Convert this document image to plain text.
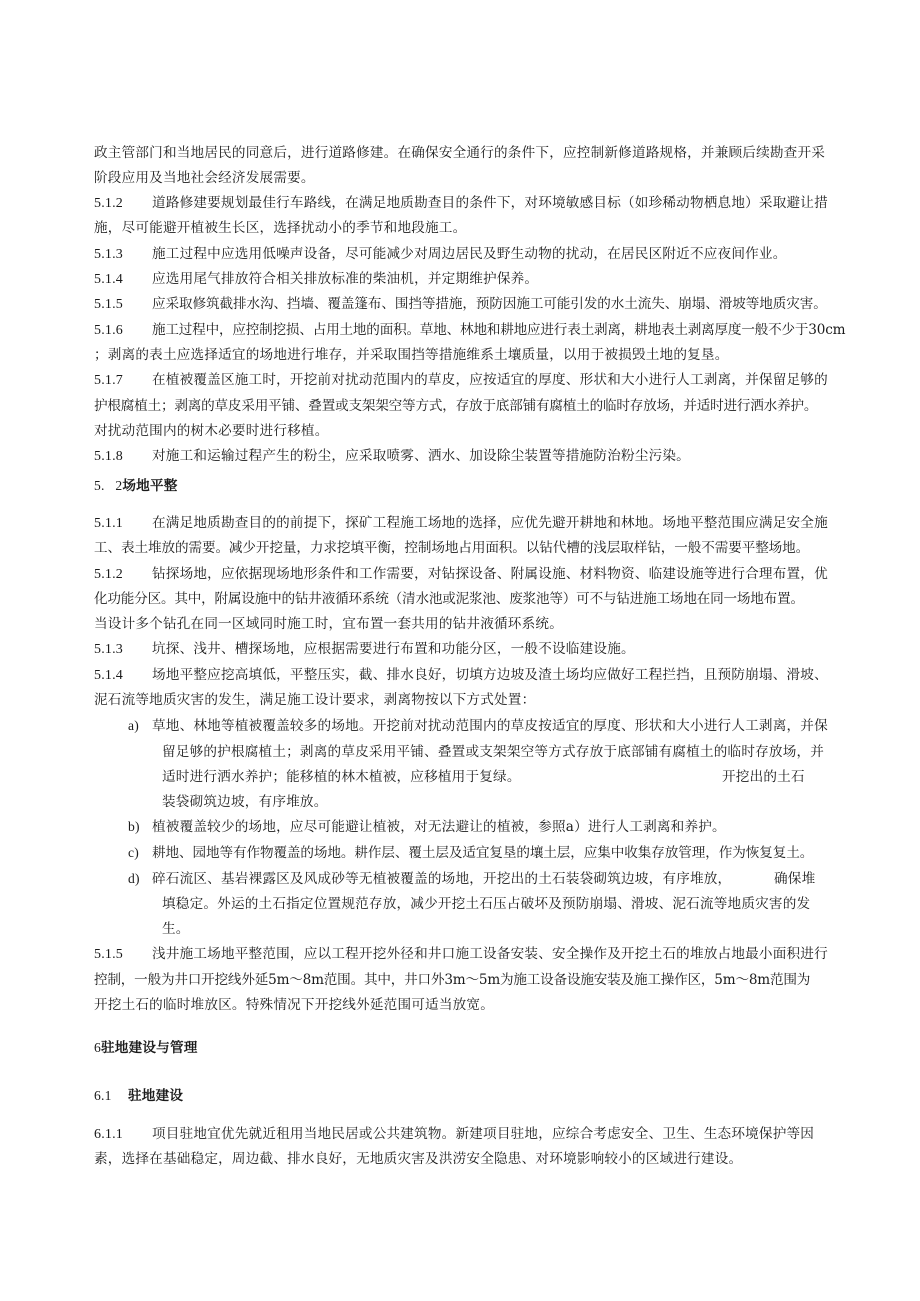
政主管部门和当地居民的同意后，进行道路修建。在确保安全通行的条件下，应控制新修道路规格，并兼顾后续勘查开采
阶段应用及当地社会经济发展需要。
5.1.2 道路修建要规划最佳行车路线，在满足地质勘查目的条件下，对环境敏感目标（如珍稀动物栖息地）采取避让措
施，尽可能避开植被生长区，选择扰动小的季节和地段施工。
5.1.3 施工过程中应选用低噪声设备，尽可能减少对周边居民及野生动物的扰动，在居民区附近不应夜间作业。
5.1.4 应选用尾气排放符合相关排放标准的柴油机，并定期维护保养。
5.1.5 应采取修筑截排水沟、挡墙、覆盖篷布、围挡等措施，预防因施工可能引发的水土流失、崩塌、滑坡等地质灾害。
5.1.6 施工过程中，应控制挖损、占用土地的面积。草地、林地和耕地应进行表土剥离，耕地表土剥离厚度一般不少于30cm
；剥离的表土应选择适宜的场地进行堆存，并采取围挡等措施维系土壤质量，以用于被损毁土地的复垦。
5.1.7 在植被覆盖区施工时，开挖前对扰动范围内的草皮，应按适宜的厚度、形状和大小进行人工剥离，并保留足够的
护根腐植土；剥离的草皮采用平铺、叠置或支架架空等方式，存放于底部铺有腐植土的临时存放场，并适时进行洒水养护。
对扰动范围内的树木必要时进行移植。
5.1.8 对施工和运输过程产生的粉尘，应采取喷雾、洒水、加设除尘装置等措施防治粉尘污染。
5.   2场地平整
5.1.1 在满足地质勘查目的的前提下，探矿工程施工场地的选择，应优先避开耕地和林地。场地平整范围应满足安全施
工、表土堆放的需要。减少开挖量，力求挖填平衡，控制场地占用面积。以钻代槽的浅层取样钻，一般不需要平整场地。
5.1.2 钻探场地，应依据现场地形条件和工作需要，对钻探设备、附属设施、材料物资、临建设施等进行合理布置，优
化功能分区。其中，附属设施中的钻井液循环系统（清水池或泥浆池、废浆池等）可不与钻进施工场地在同一场地布置。
当设计多个钻孔在同一区域同时施工时，宜布置一套共用的钻井液循环系统。
5.1.3 坑探、浅井、槽探场地，应根据需要进行布置和功能分区，一般不设临建设施。
5.1.4 场地平整应挖高填低，平整压实，截、排水良好，切填方边坡及渣土场均应做好工程拦挡，且预防崩塌、滑坡、
泥石流等地质灾害的发生，满足施工设计要求，剥离物按以下方式处置：
a) 草地、林地等植被覆盖较多的场地。开挖前对扰动范围内的草皮按适宜的厚度、形状和大小进行人工剥离，并保
留足够的护根腐植土；剥离的草皮采用平铺、叠置或支架架空等方式存放于底部铺有腐植土的临时存放场，并
适时进行洒水养护；能移植的林木植被，应移植用于复绿。	开挖出的土石
装袋砌筑边坡，有序堆放。
b) 植被覆盖较少的场地，应尽可能避让植被，对无法避让的植被，参照a）进行人工剥离和养护。
c) 耕地、园地等有作物覆盖的场地。耕作层、覆土层及适宜复垦的壤土层，应集中收集存放管理，作为恢复复土。
d) 碎石流区、基岩裸露区及风成砂等无植被覆盖的场地，开挖出的土石装袋砌筑边坡，有序堆放，	确保堆
填稳定。外运的土石指定位置规范存放，减少开挖土石压占破坏及预防崩塌、滑坡、泥石流等地质灾害的发
生。
5.1.5 浅井施工场地平整范围，应以工程开挖外径和井口施工设备安装、安全操作及开挖土石的堆放占地最小面积进行
控制，一般为井口开挖线外延5m～8m范围。其中，井口外3m～5m为施工设备设施安装及施工操作区，5m～8m范围为
开挖土石的临时堆放区。特殊情况下开挖线外延范围可适当放宽。
6驻地建设与管理
6.1 驻地建设
6.1.1 项目驻地宜优先就近租用当地民居或公共建筑物。新建项目驻地，应综合考虑安全、卫生、生态环境保护等因
素，选择在基础稳定，周边截、排水良好，无地质灾害及洪涝安全隐患、对环境影响较小的区域进行建设。
